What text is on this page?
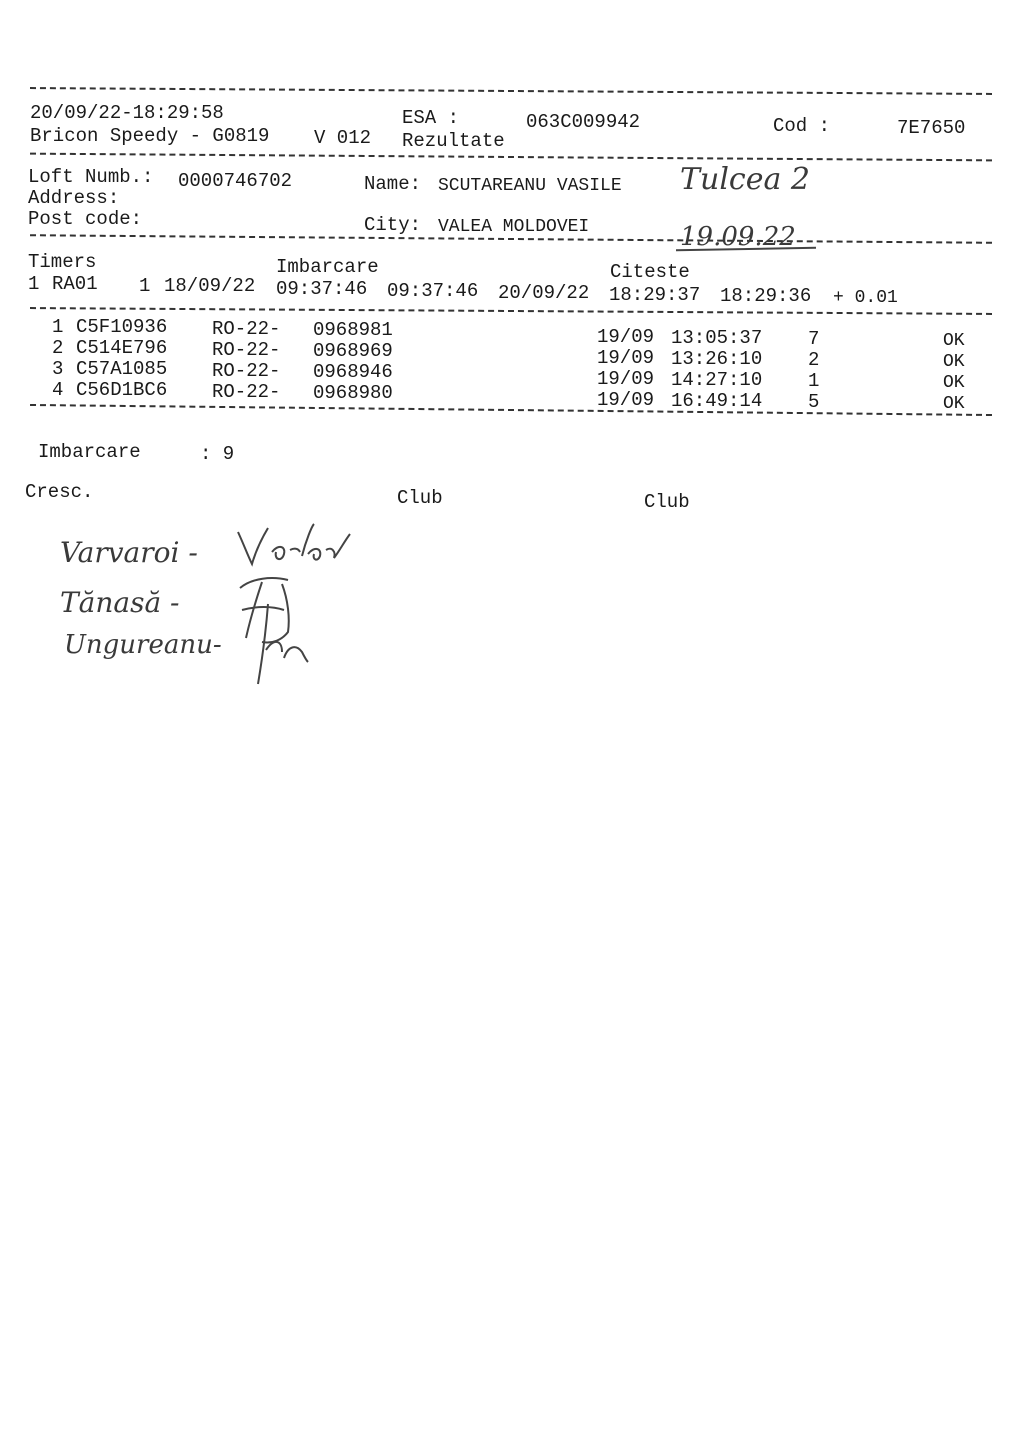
20/09/22-18:29:58
Bricon Speedy - G0819 V 012
ESA :	063C009942
Rezultate
Cod :	7E7650
Loft Numb.: 0000746702
Address:
Post code:
Name: SCUTAREANU VASILE
City: VALEA MOLDOVEI
Tulcea 2
19.09.22
Timers	Imbarcare	Citeste
1 RA01 1 18/09/22 09:37:46 09:37:46 20/09/22 18:29:37 18:29:36 + 0.01
1 C5F10936 RO-22- 0968981	19/09 13:05:37 7	OK
2 C514E796 RO-22- 0968969	19/09 13:26:10 2	OK
3 C57A1085 RO-22- 0968946	19/09 14:27:10 1	OK
4 C56D1BC6 RO-22- 0968980	19/09 16:49:14 5	OK
Imbarcare	: 9
Cresc.	Club	Club
Varvaroi -
Tănasă -
Ungureanu-
